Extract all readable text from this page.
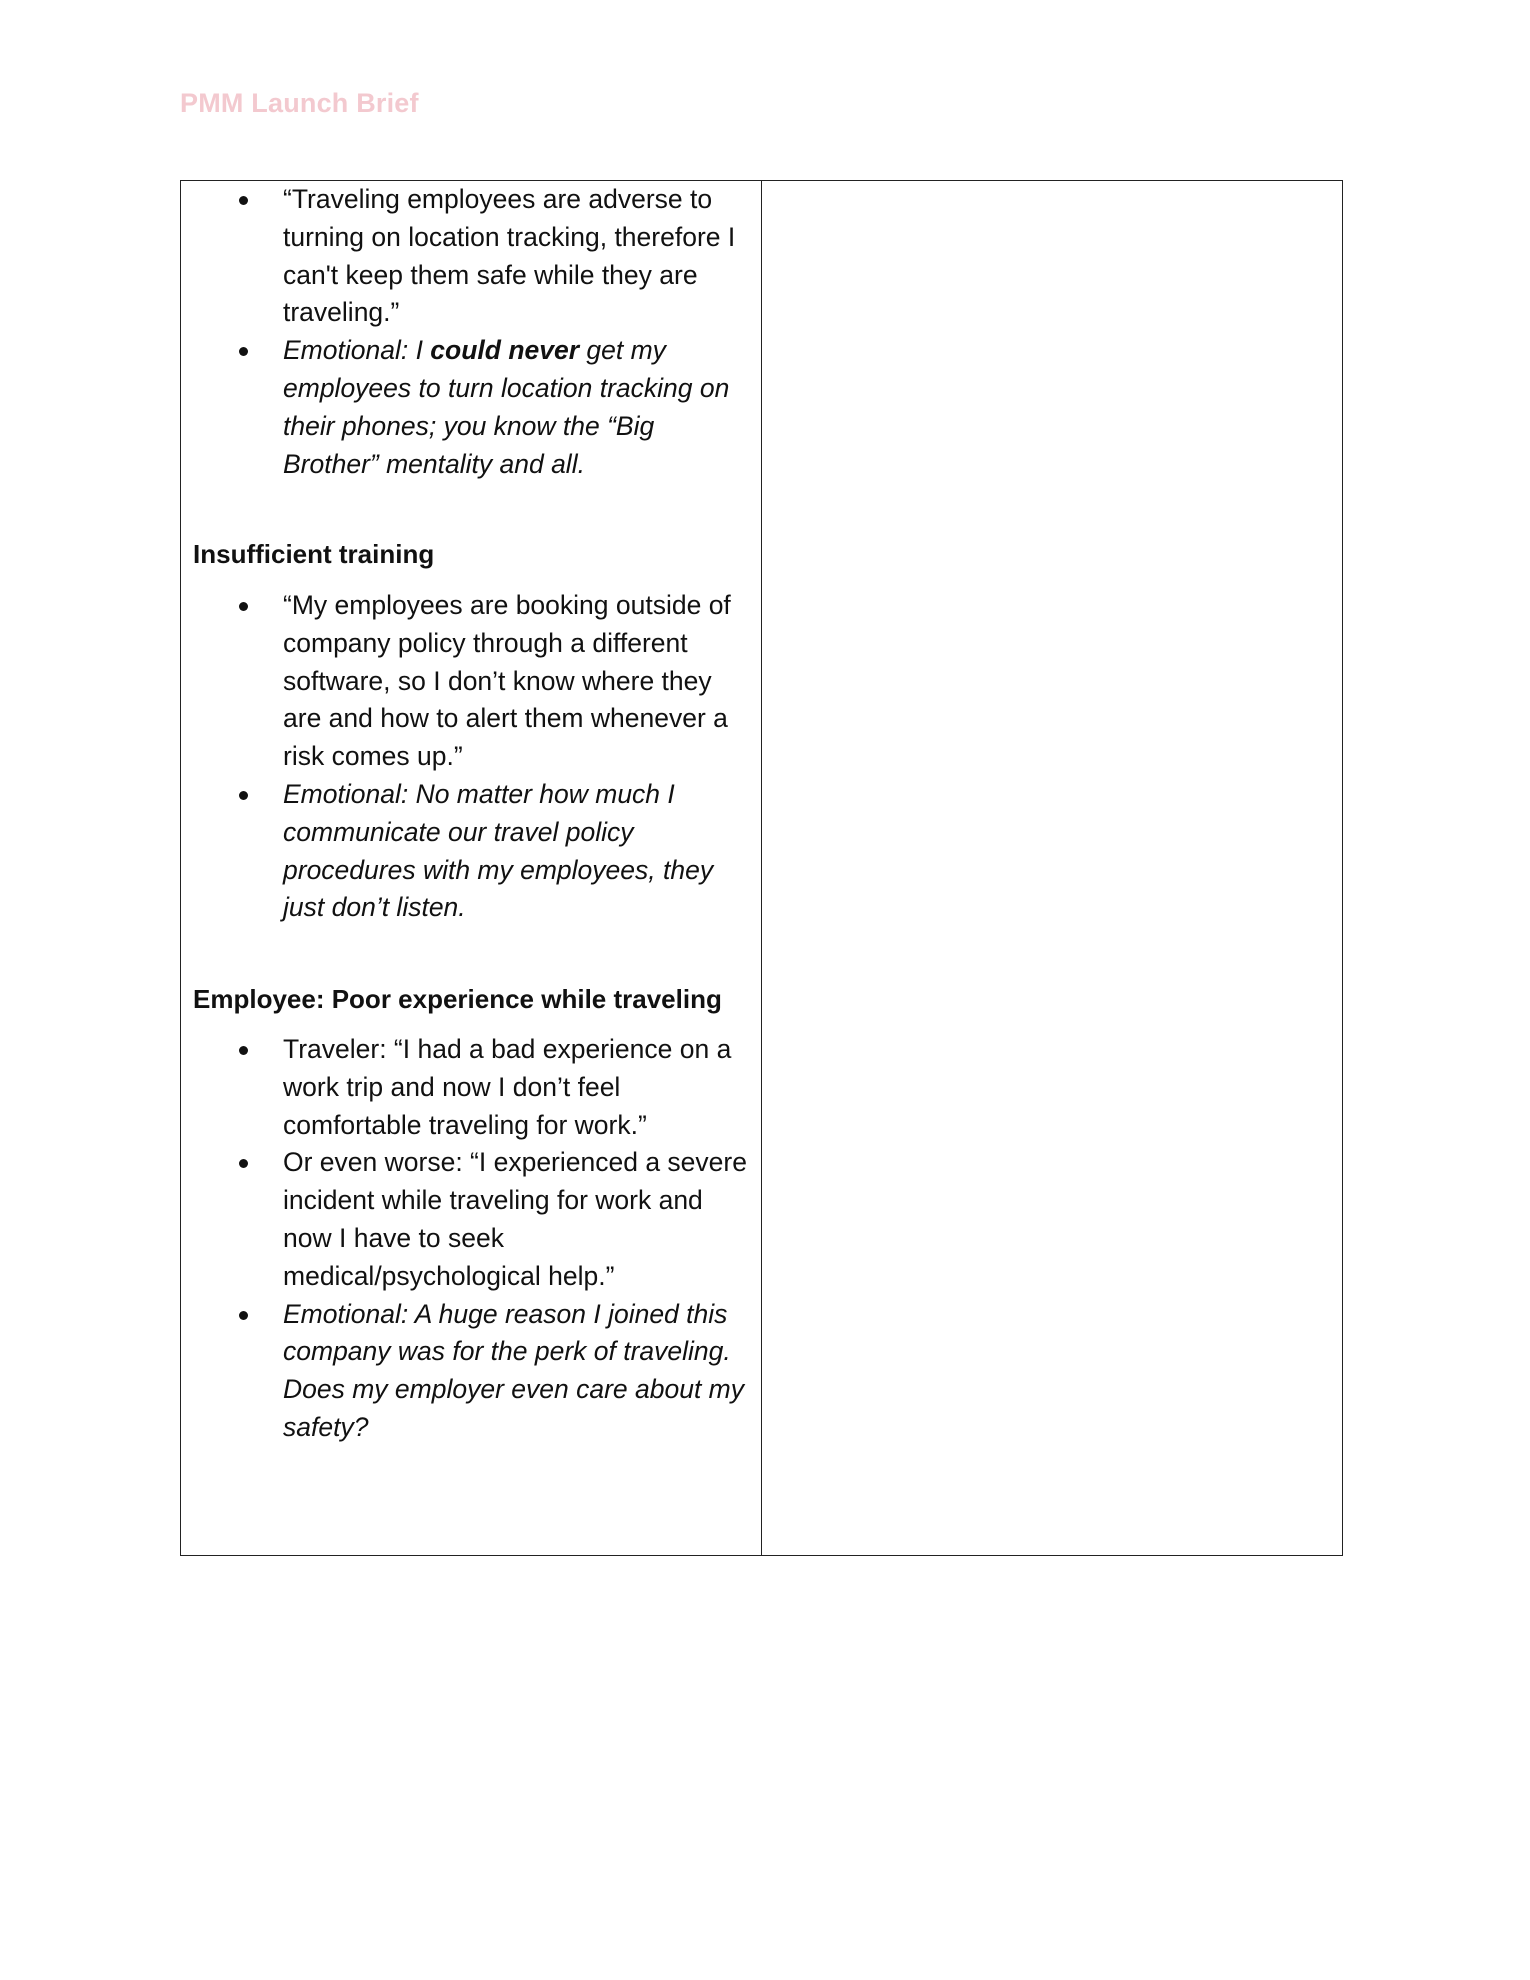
PMM Launch Brief
“Traveling employees are adverse to turning on location tracking, therefore I can't keep them safe while they are traveling.”
Emotional: I could never get my employees to turn location tracking on their phones; you know the “Big Brother” mentality and all.
Insufficient training
“My employees are booking outside of company policy through a different software, so I don’t know where they are and how to alert them whenever a risk comes up.”
Emotional: No matter how much I communicate our travel policy procedures with my employees, they just don’t listen.
Employee: Poor experience while traveling
Traveler: “I had a bad experience on a work trip and now I don’t feel comfortable traveling for work.”
Or even worse: “I experienced a severe incident while traveling for work and now I have to seek medical/psychological help.”
Emotional: A huge reason I joined this company was for the perk of traveling. Does my employer even care about my safety?
